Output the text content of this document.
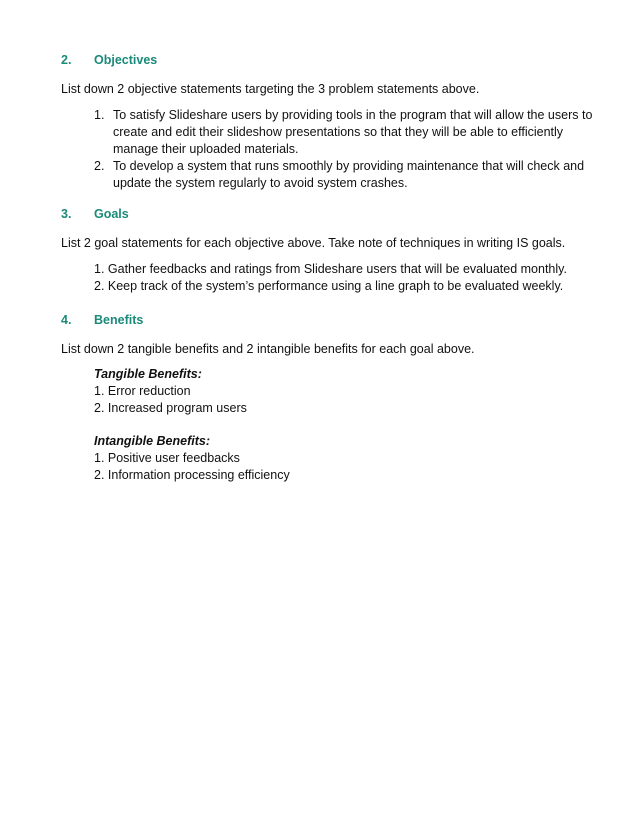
2. Objectives
List down 2 objective statements targeting the 3 problem statements above.
1. To satisfy Slideshare users by providing tools in the program that will allow the users to create and edit their slideshow presentations so that they will be able to efficiently manage their uploaded materials.
2. To develop a system that runs smoothly by providing maintenance that will check and update the system regularly to avoid system crashes.
3. Goals
List 2 goal statements for each objective above. Take note of techniques in writing IS goals.
1. Gather feedbacks and ratings from Slideshare users that will be evaluated monthly.
2. Keep track of the system’s performance using a line graph to be evaluated weekly.
4. Benefits
List down 2 tangible benefits and 2 intangible benefits for each goal above.
Tangible Benefits:
1. Error reduction
2. Increased program users
Intangible Benefits:
1. Positive user feedbacks
2. Information processing efficiency
